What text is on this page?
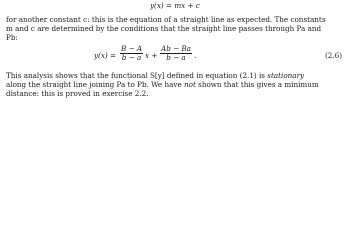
y(x) = mx + c
for another constant c: this is the equation of a straight line as expected. The constants
m and c are determined by the conditions that the straight line passes through Pa and
Pb:
$y(x) = \frac{B - A}{b - a}$ $x + \frac{Ab - Ba}{b - a}$ .	(2.6)
This analysis shows that the functional S[y] defined in equation (2.1) is stationary
along the straight line joining Pa to Pb. We have not shown that this gives a minimum
distance: this is proved in exercise 2.2.
